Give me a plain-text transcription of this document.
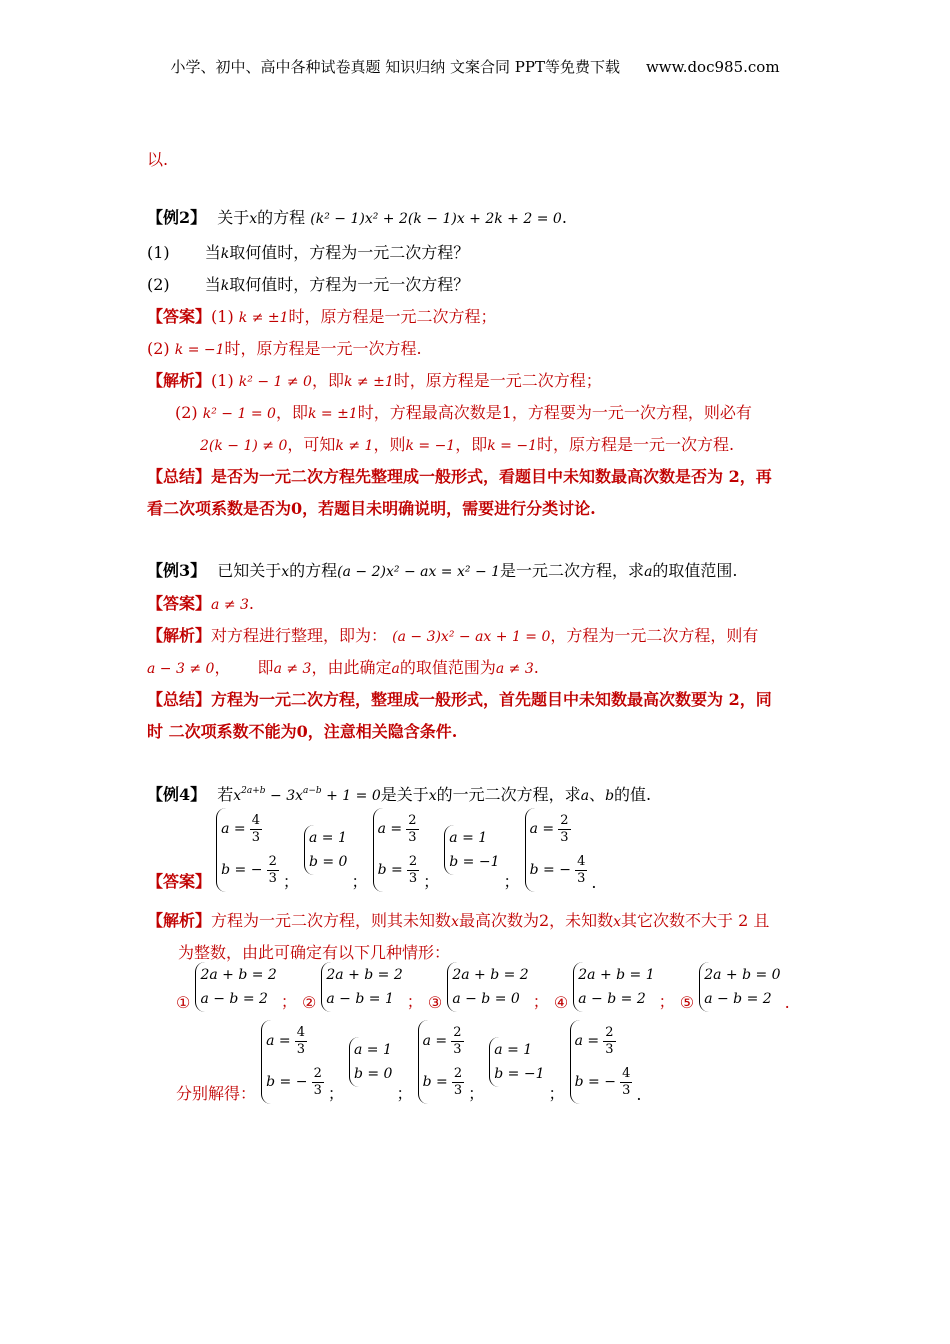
小学、初中、高中各种试卷真题 知识归纳 文案合同 PPT等免费下载 www.doc985.com
以.
【例2】 关于x的方程 (k² − 1)x² + 2(k − 1)x + 2k + 2 = 0.
(1) 当k取何值时，方程为一元二次方程？
(2) 当k取何值时，方程为一元一次方程？
【答案】(1) k ≠ ±1时，原方程是一元二次方程；
(2) k = −1时，原方程是一元一次方程.
【解析】(1) k² − 1 ≠ 0，即k ≠ ±1时，原方程是一元二次方程；
(2) k² − 1 = 0，即k = ±1时，方程最高次数是1，方程要为一元一次方程，则必有
2(k − 1) ≠ 0，可知k ≠ 1，则k = −1，即k = −1时，原方程是一元一次方程.
【总结】是否为一元二次方程先整理成一般形式，看题目中未知数最高次数是否为 2，再
看二次项系数是否为0，若题目未明确说明，需要进行分类讨论.
【例3】 已知关于x的方程(a − 2)x² − ax = x² − 1是一元二次方程，求a的取值范围.
【答案】a ≠ 3.
【解析】对方程进行整理，即为： (a − 3)x² − ax + 1 = 0，方程为一元二次方程，则有
a − 3 ≠ 0， 即a ≠ 3，由此确定a的取值范围为a ≠ 3.
【总结】方程为一元二次方程，整理成一般形式，首先题目中未知数最高次数要为 2，同
时 二次项系数不能为0，注意相关隐含条件.
【例4】 若$x^{2a+b} - 3x^{a-b} + 1 = 0$是关于x的一元二次方程，求a、b的值.
【答案】
$a = \frac{4}{3}$
b = − $\frac{2}{3}$ ；
a = 1
b = 0
；
$a = \frac{2}{3}$
$b = \frac{2}{3}$ ；
a = 1
b = −1
；
$a = \frac{2}{3}$
b = − $\frac{4}{3}$ .
【解析】方程为一元二次方程，则其未知数x最高次数为2，未知数x其它次数不大于 2 且
为整数，由此可确定有以下几种情形：
①
2a + b = 2
a − b = 2 ； ②
2a + b = 2
a − b = 1 ； ③
2a + b = 2
a − b = 0 ； ④
2a + b = 1
a − b = 2 ； ⑤
2a + b = 0
a − b = 2 .
分别解得：
$a = \frac{4}{3}$
b = − $\frac{2}{3}$ ；
a = 1
b = 0
；
$a = \frac{2}{3}$
$b = \frac{2}{3}$ ；
a = 1
b = −1
；
$a = \frac{2}{3}$
b = − $\frac{4}{3}$ .
